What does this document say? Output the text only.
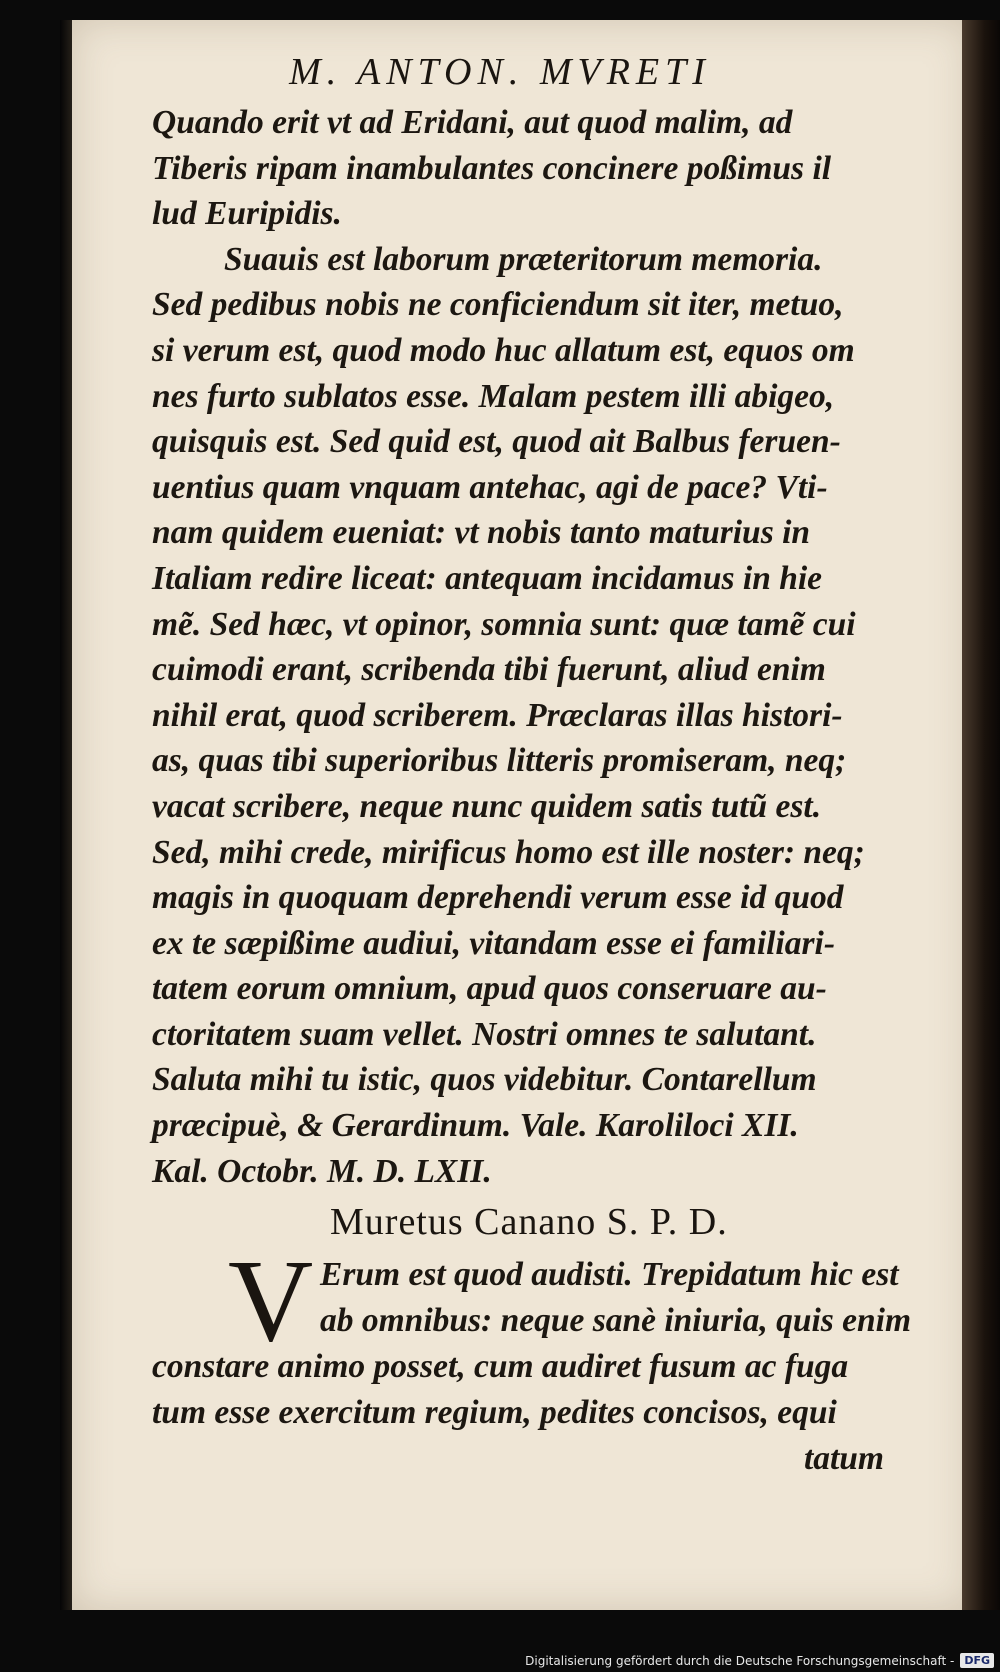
M. ANTON. MVRETI
Quando erit vt ad Eridani, aut quod malim, ad
Tiberis ripam inambulantes concinere poßimus il
lud Euripidis.
Suauis est laborum præteritorum memoria.
Sed pedibus nobis ne conficiendum sit iter, metuo,
si verum est, quod modo huc allatum est, equos om
nes furto sublatos esse. Malam pestem illi abigeo,
quisquis est. Sed quid est, quod ait Balbus feruen-
uentius quam vnquam antehac, agi de pace? Vti-
nam quidem eueniat: vt nobis tanto maturius in
Italiam redire liceat: antequam incidamus in hie
mẽ. Sed hæc, vt opinor, somnia sunt: quæ tamẽ cui
cuimodi erant, scribenda tibi fuerunt, aliud enim
nihil erat, quod scriberem. Præclaras illas histori-
as, quas tibi superioribus litteris promiseram, neq;
vacat scribere, neque nunc quidem satis tutũ est.
Sed, mihi crede, mirificus homo est ille noster: neq;
magis in quoquam deprehendi verum esse id quod
ex te sæpißime audiui, vitandam esse ei familiari-
tatem eorum omnium, apud quos conseruare au-
ctoritatem suam vellet. Nostri omnes te salutant.
Saluta mihi tu istic, quos videbitur. Contarellum
præcipuè, & Gerardinum. Vale. Karoliloci XII.
Kal. Octobr. M. D. LXII.
Muretus Canano S. P. D.
V Erum est quod audisti. Trepidatum hic est
ab omnibus: neque sanè iniuria, quis enim
constare animo posset, cum audiret fusum ac fuga
tum esse exercitum regium, pedites concisos, equi
tatum
Digitalisierung gefördert durch die Deutsche Forschungsgemeinschaft - DFG
